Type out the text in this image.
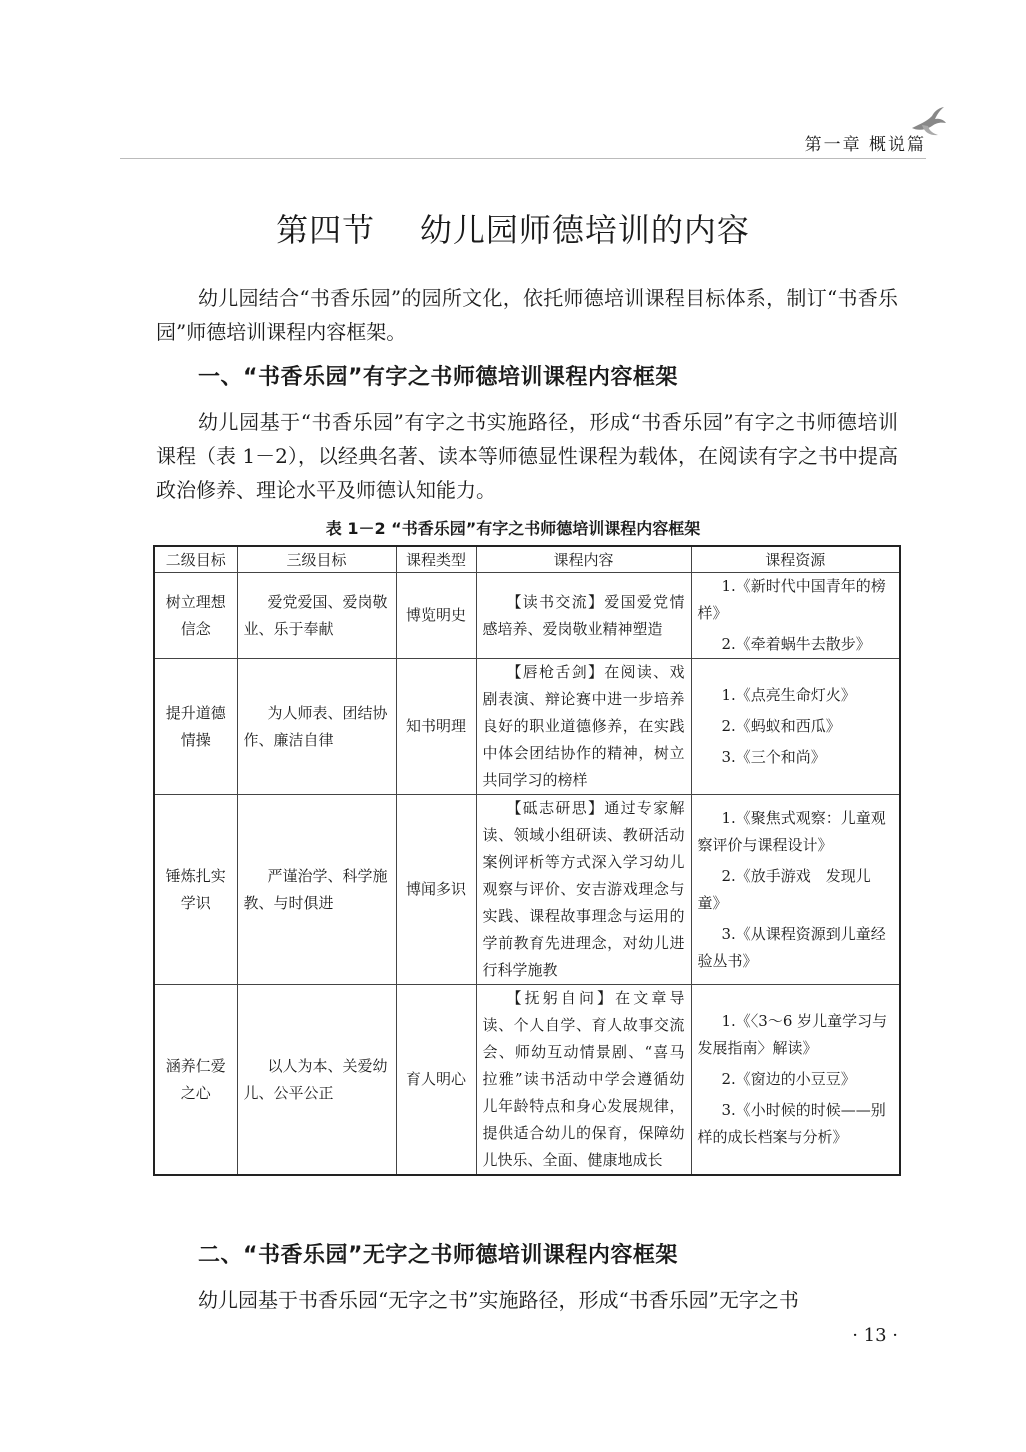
第一章 概说篇
第四节    幼儿园师德培训的内容

幼儿园结合“书香乐园”的园所文化，依托师德培训课程目标体系，制订“书香乐园”师德培训课程内容框架。

一、“书香乐园”有字之书师德培训课程内容框架

幼儿园基于“书香乐园”有字之书实施路径，形成“书香乐园”有字之书师德培训课程（表 1－2），以经典名著、读本等师德显性课程为载体，在阅读有字之书中提高政治修养、理论水平及师德认知能力。

表 1－2 “书香乐园”有字之书师德培训课程内容框架
二级目标	三级目标	课程类型	课程内容	课程资源
树立理想信念	爱党爱国、爱岗敬业、乐于奉献	博览明史	【读书交流】爱国爱党情感培养、爱岗敬业精神塑造	1.《新时代中国青年的榜样》
2.《牵着蜗牛去散步》

提升道德情操	为人师表、团结协作、廉洁自律	知书明理	【唇枪舌剑】在阅读、戏剧表演、辩论赛中进一步培养良好的职业道德修养，在实践中体会团结协作的精神，树立共同学习的榜样	1.《点亮生命灯火》
2.《蚂蚁和西瓜》
3.《三个和尚》

锤炼扎实学识	严谨治学、科学施教、与时俱进	博闻多识	【砥志研思】通过专家解读、领域小组研读、教研活动案例评析等方式深入学习幼儿观察与评价、安吉游戏理念与实践、课程故事理念与运用的学前教育先进理念，对幼儿进行科学施教	1.《聚焦式观察：儿童观察评价与课程设计》
2.《放手游戏　发现儿童》
3.《从课程资源到儿童经验丛书》

涵养仁爱之心	以人为本、关爱幼儿、公平公正	育人明心	【抚躬自问】在文章导读、个人自学、育人故事交流会、师幼互动情景剧、“喜马拉雅”读书活动中学会遵循幼儿年龄特点和身心发展规律，提供适合幼儿的保育，保障幼儿快乐、全面、健康地成长	1.《〈3～6 岁儿童学习与发展指南〉解读》
2.《窗边的小豆豆》
3.《小时候的时候——别样的成长档案与分析》
二、“书香乐园”无字之书师德培训课程内容框架

幼儿园基于书香乐园“无字之书”实施路径，形成“书香乐园”无字之书

· 13 ·
